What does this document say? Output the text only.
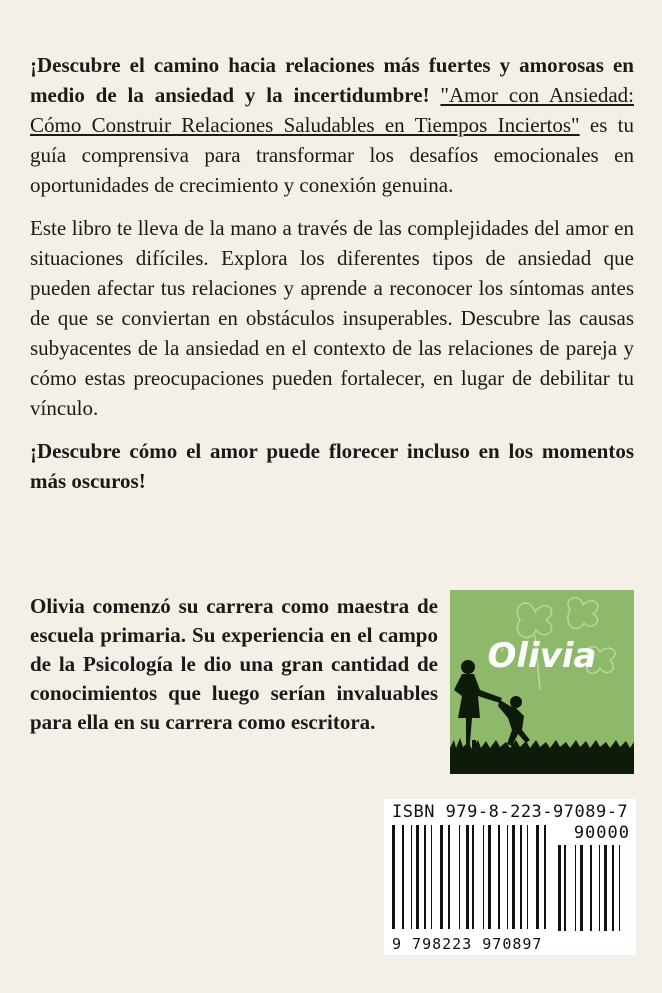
¡Descubre el camino hacia relaciones más fuertes y amorosas en medio de la ansiedad y la incertidumbre! "Amor con Ansiedad: Cómo Construir Relaciones Saludables en Tiempos Inciertos" es tu guía comprensiva para transformar los desafíos emocionales en oportunidades de crecimiento y conexión genuina.

Este libro te lleva de la mano a través de las complejidades del amor en situaciones difíciles. Explora los diferentes tipos de ansiedad que pueden afectar tus relaciones y aprende a reconocer los síntomas antes de que se conviertan en obstáculos insuperables. Descubre las causas subyacentes de la ansiedad en el contexto de las relaciones de pareja y cómo estas preocupaciones pueden fortalecer, en lugar de debilitar tu vínculo.

¡Descubre cómo el amor puede florecer incluso en los momentos más oscuros!

Olivia comenzó su carrera como maestra de escuela primaria. Su experiencia en el campo de la Psicología le dio una gran cantidad de conocimientos que luego serían invaluables para ella en su carrera como escritora.
Olivia
ISBN 979-8-223-97089-7
90000
9 798223 970897
